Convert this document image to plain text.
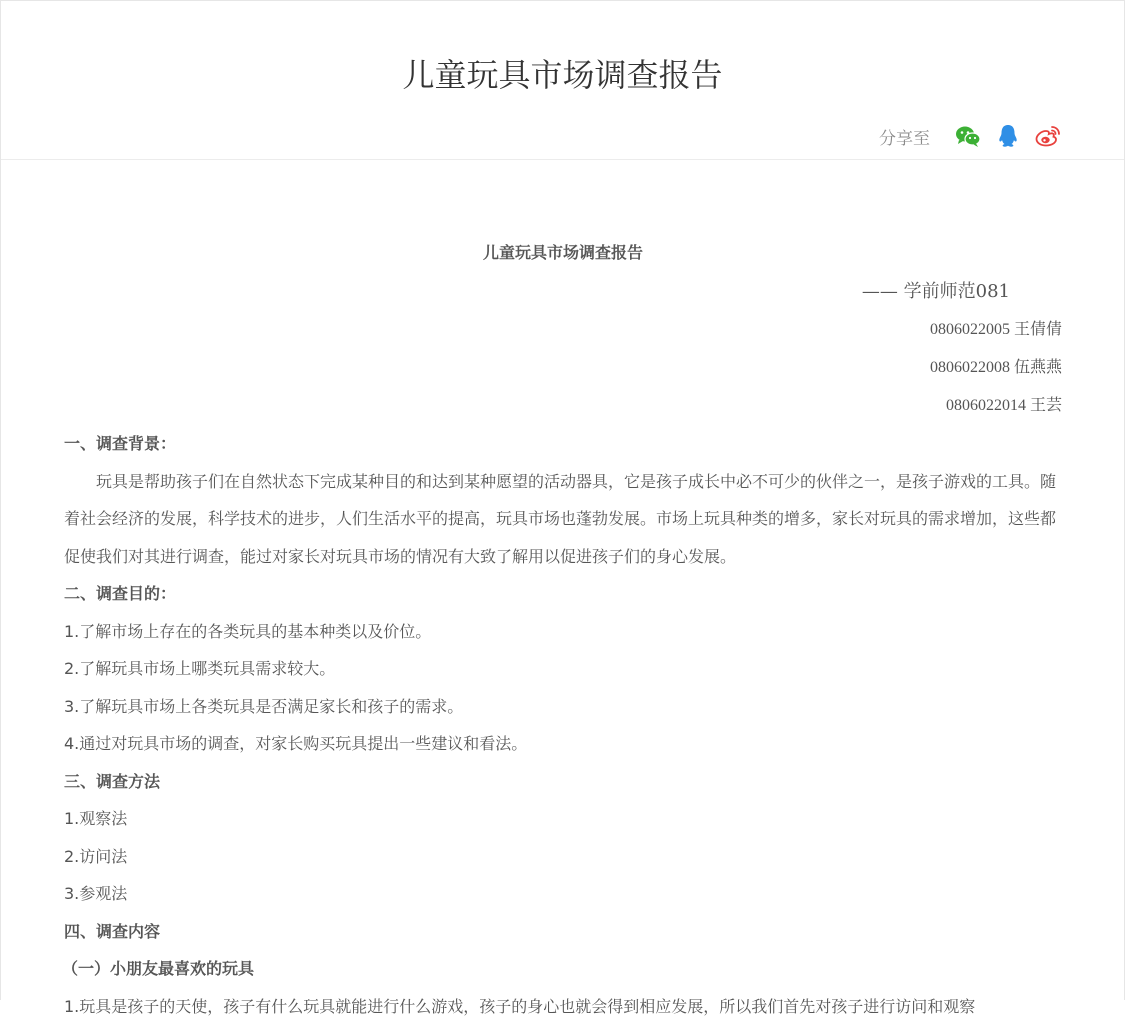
儿童玩具市场调查报告
分享至
儿童玩具市场调查报告
—— 学前师范081
0806022005 王倩倩
0806022008 伍燕燕
0806022014 王芸
一、调查背景：

玩具是帮助孩子们在自然状态下完成某种目的和达到某种愿望的活动器具，它是孩子成长中必不可少的伙伴之一，是孩子游戏的工具。随着社会经济的发展，科学技术的进步，人们生活水平的提高，玩具市场也蓬勃发展。市场上玩具种类的增多，家长对玩具的需求增加，这些都促使我们对其进行调查，能过对家长对玩具市场的情况有大致了解用以促进孩子们的身心发展。

二、调查目的：
1.了解市场上存在的各类玩具的基本种类以及价位。
2.了解玩具市场上哪类玩具需求较大。
3.了解玩具市场上各类玩具是否满足家长和孩子的需求。
4.通过对玩具市场的调查，对家长购买玩具提出一些建议和看法。
三、调查方法
1.观察法
2.访问法
3.参观法
四、调查内容
（一）小朋友最喜欢的玩具
1.玩具是孩子的天使，孩子有什么玩具就能进行什么游戏，孩子的身心也就会得到相应发展，所以我们首先对孩子进行访问和观察
